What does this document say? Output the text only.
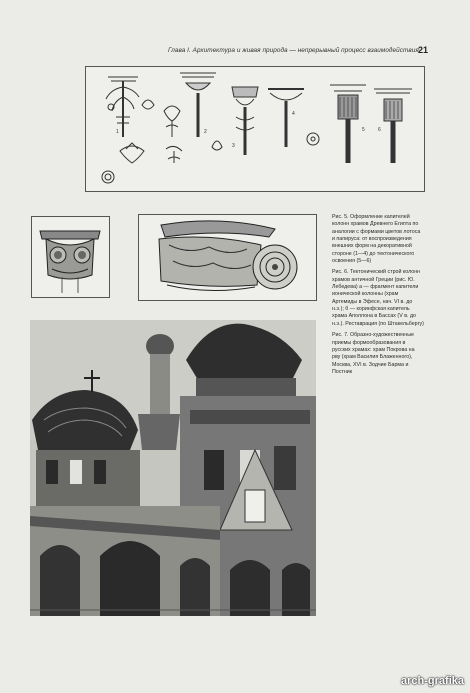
Глава I. Архитектура и живая природа — непрерывный процесс взаимодействия 21
1	2
3
4
5	6

Рис. 5. Оформление капителей колонн храмов Древнего Египта по аналогии с формами цветов лотоса и папируса: от воспроизведения внешних форм на декоративной стороне (1—4) до тектонического освоения (5—6)

Рис. 6. Тектонический строй колонн храмов античной Греции (рис. Ю. Лебедева) а — фрагмент капители ионической колонны (храм Артемиды в Эфесе, нач. VI в. до н.э.); б — коринфская капитель храма Аполлона в Бассах (V в. до н.э.). Реставрация (по Штакельбергу)

Рис. 7. Образно-художественные приемы формообразования в русских храмах: храм Покрова на рву (храм Василия Блаженного), Москва, XVI в. Зодчие Барма и Постник

arch-grafika
